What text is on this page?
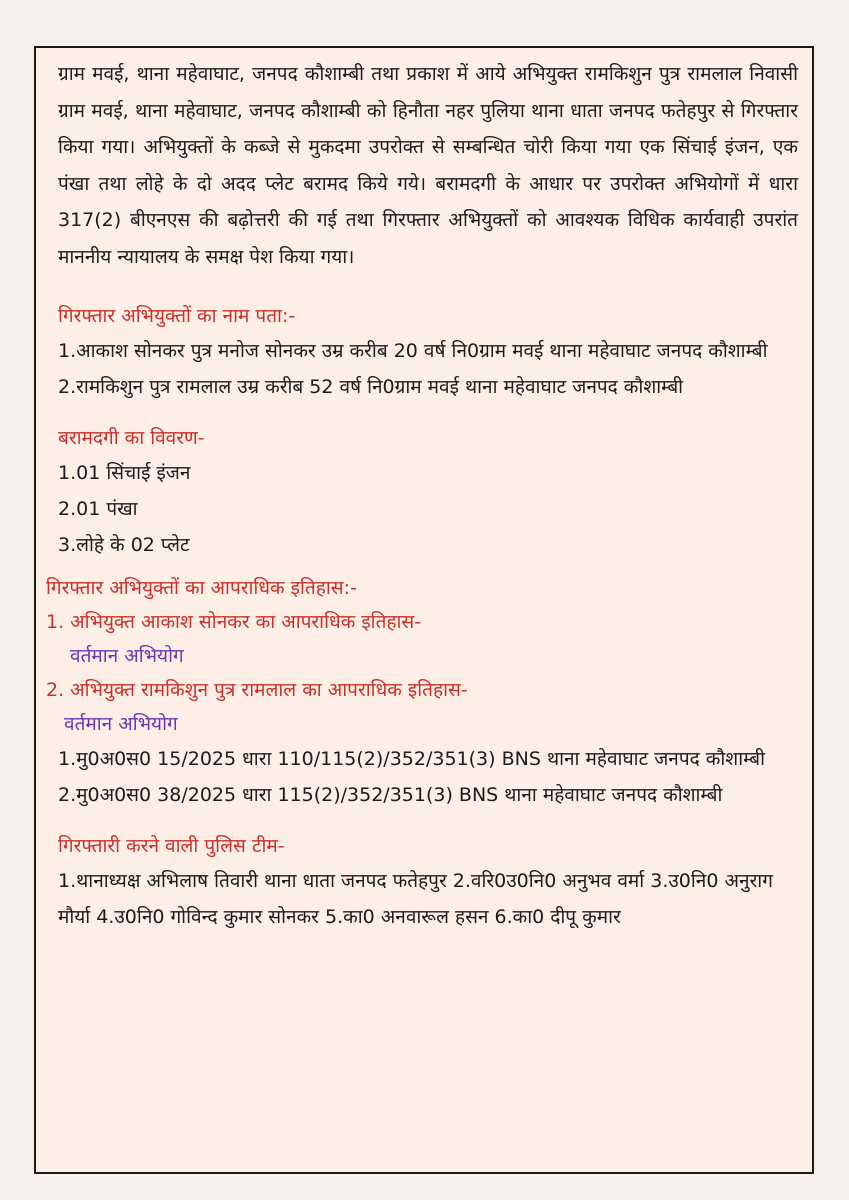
ग्राम मवई, थाना महेवाघाट, जनपद कौशाम्बी तथा प्रकाश में आये अभियुक्त रामकिशुन पुत्र रामलाल निवासी ग्राम मवई, थाना महेवाघाट, जनपद कौशाम्बी को हिनौता नहर पुलिया थाना धाता जनपद फतेहपुर से गिरफ्तार किया गया। अभियुक्तों के कब्जे से मुकदमा उपरोक्त से सम्बन्धित चोरी किया गया एक सिंचाई इंजन, एक पंखा तथा लोहे के दो अदद प्लेट बरामद किये गये। बरामदगी के आधार पर उपरोक्त अभियोगों में धारा 317(2) बीएनएस की बढ़ोत्तरी की गई तथा गिरफ्तार अभियुक्तों को आवश्यक विधिक कार्यवाही उपरांत माननीय न्यायालय के समक्ष पेश किया गया।

गिरफ्तार अभियुक्तों का नाम पता:-

1.आकाश सोनकर पुत्र मनोज सोनकर उम्र करीब 20 वर्ष नि0ग्राम मवई थाना महेवाघाट जनपद कौशाम्बी

2.रामकिशुन पुत्र रामलाल उम्र करीब 52 वर्ष नि0ग्राम मवई थाना महेवाघाट जनपद कौशाम्बी

बरामदगी का विवरण-

1.01 सिंचाई इंजन

2.01 पंखा

3.लोहे के 02 प्लेट

गिरफ्तार अभियुक्तों का आपराधिक इतिहास:-

1. अभियुक्त आकाश सोनकर का आपराधिक इतिहास-

वर्तमान अभियोग

2. अभियुक्त रामकिशुन पुत्र रामलाल का आपराधिक इतिहास-

वर्तमान अभियोग

1.मु0अ0स0 15/2025 धारा 110/115(2)/352/351(3) BNS थाना महेवाघाट जनपद कौशाम्बी

2.मु0अ0स0 38/2025 धारा 115(2)/352/351(3) BNS थाना महेवाघाट जनपद कौशाम्बी

गिरफ्तारी करने वाली पुलिस टीम-

1.थानाध्यक्ष अभिलाष तिवारी थाना धाता जनपद फतेहपुर 2.वरि0उ0नि0 अनुभव वर्मा 3.उ0नि0 अनुराग मौर्या 4.उ0नि0 गोविन्द कुमार सोनकर 5.का0 अनवारूल हसन 6.का0 दीपू कुमार
